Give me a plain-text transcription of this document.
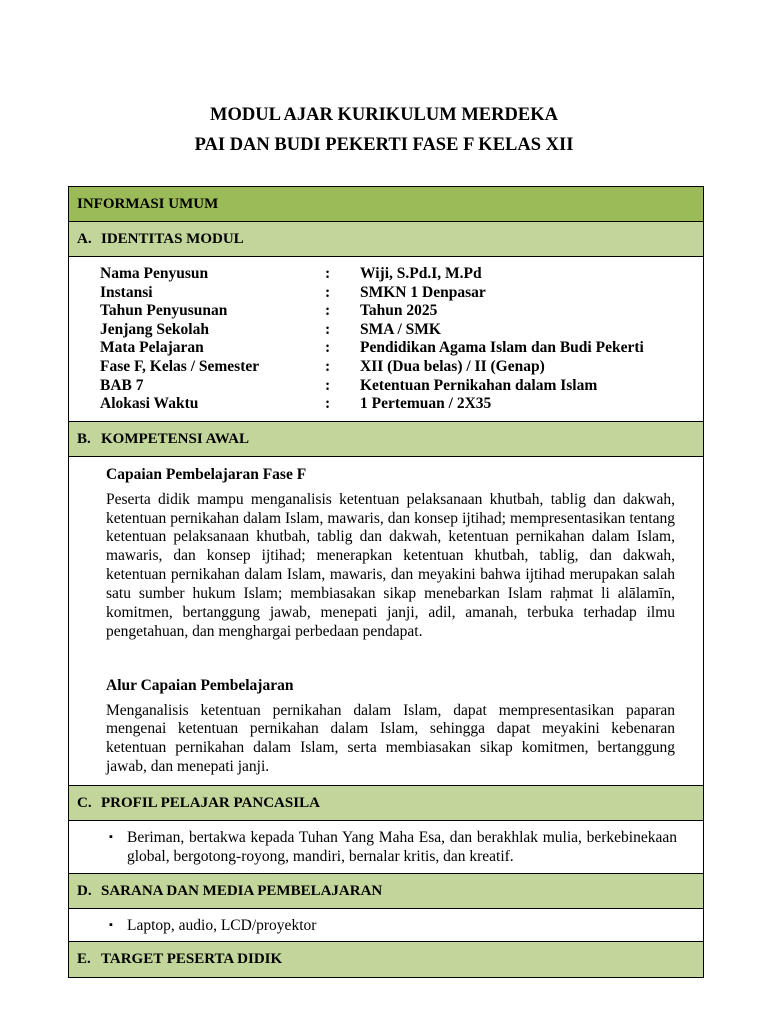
MODUL AJAR KURIKULUM MERDEKA
PAI DAN BUDI PEKERTI FASE F KELAS XII
INFORMASI UMUM
A. IDENTITAS MODUL
Nama Penyusun	:	Wiji, S.Pd.I, M.Pd
Instansi	:	SMKN 1 Denpasar
Tahun Penyusunan	:	Tahun 2025
Jenjang Sekolah	:	SMA / SMK
Mata Pelajaran	:	Pendidikan Agama Islam dan Budi Pekerti
Fase F, Kelas / Semester	:	XII (Dua belas) / II (Genap)
BAB 7	:	Ketentuan Pernikahan dalam Islam
Alokasi Waktu	:	1 Pertemuan / 2X35
B. KOMPETENSI AWAL
Capaian Pembelajaran Fase F

Peserta didik mampu menganalisis ketentuan pelaksanaan khutbah, tablig dan dakwah, ketentuan pernikahan dalam Islam, mawaris, dan konsep ijtihad; mempresentasikan tentang ketentuan pelaksanaan khutbah, tablig dan dakwah, ketentuan pernikahan dalam Islam, mawaris, dan konsep ijtihad; menerapkan ketentuan khutbah, tablig, dan dakwah, ketentuan pernikahan dalam Islam, mawaris, dan meyakini bahwa ijtihad merupakan salah satu sumber hukum Islam; membiasakan sikap menebarkan Islam raḥmat li alālamīn, komitmen, bertanggung jawab, menepati janji, adil, amanah, terbuka terhadap ilmu pengetahuan, dan menghargai perbedaan pendapat.

Alur Capaian Pembelajaran

Menganalisis ketentuan pernikahan dalam Islam, dapat mempresentasikan paparan mengenai ketentuan pernikahan dalam Islam, sehingga dapat meyakini kebenaran ketentuan pernikahan dalam Islam, serta membiasakan sikap komitmen, bertanggung jawab, dan menepati janji.

C. PROFIL PELAJAR PANCASILA
▪ Beriman, bertakwa kepada Tuhan Yang Maha Esa, dan berakhlak mulia, berkebinekaan global, bergotong-royong, mandiri, bernalar kritis, dan kreatif.
D. SARANA DAN MEDIA PEMBELAJARAN
▪ Laptop, audio, LCD/proyektor
E. TARGET PESERTA DIDIK
